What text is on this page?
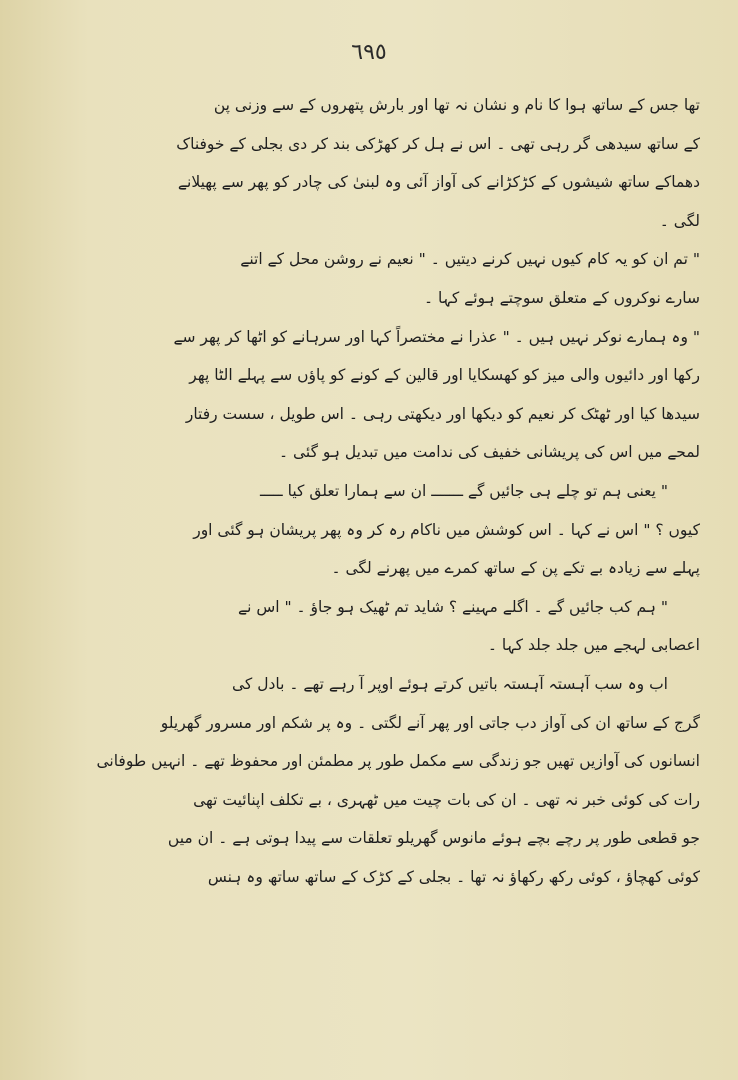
٦٩٥
تھا جس کے ساتھ ہوا کا نام و نشان نہ تھا اور بارش پتھروں کے سے وزنی پن
کے ساتھ سیدھی گر رہی تھی ۔ اس نے ہل کر کھڑکی بند کر دی بجلی کے خوفناک
دھماکے ساتھ شیشوں کے کڑکڑانے کی آواز آئی وہ لبنیٰ کی چادر کو پھر سے پھیلانے
لگی ۔
" تم ان کو یہ کام کیوں نہیں کرنے دیتیں ۔ " نعیم نے روشن محل کے اتنے
سارے نوکروں کے متعلق سوچتے ہوئے کہا ۔
" وہ ہمارے نوکر نہیں ہیں ۔ " عذرا نے مختصراً کہا اور سرہانے کو اٹھا کر پھر سے
رکھا اور دائیوں والی میز کو کھسکایا اور قالین کے کونے کو پاؤں سے پہلے الٹا پھر
سیدھا کیا اور ٹھٹک کر نعیم کو دیکھا اور دیکھتی رہی ۔ اس طویل ، سست رفتار
لمحے میں اس کی پریشانی خفیف کی ندامت میں تبدیل ہو گئی ۔
" یعنی ہم تو چلے ہی جائیں گے ـــــــ ان سے ہمارا تعلق کیا ـــــ
کیوں ؟ " اس نے کہا ۔ اس کوشش میں ناکام رہ کر وہ پھر پریشان ہو گئی اور
پہلے سے زیادہ بے تکے پن کے ساتھ کمرے میں پھرنے لگی ۔
" ہم کب جائیں گے ۔ اگلے مہینے ؟ شاید تم ٹھیک ہو جاؤ ۔ " اس نے
اعصابی لہجے میں جلد جلد کہا ۔
اب وہ سب آہستہ آہستہ باتیں کرتے ہوئے اوپر آ رہے تھے ۔ بادل کی
گرج کے ساتھ ان کی آواز دب جاتی اور پھر آنے لگتی ۔ وہ پر شکم اور مسرور گھریلو
انسانوں کی آوازیں تھیں جو زندگی سے مکمل طور پر مطمئن اور محفوظ تھے ۔ انہیں طوفانی
رات کی کوئی خبر نہ تھی ۔ ان کی بات چیت میں ٹھہری ، بے تکلف اپنائیت تھی
جو قطعی طور پر رچے بچے ہوئے مانوس گھریلو تعلقات سے پیدا ہوتی ہے ۔ ان میں
کوئی کھچاؤ ، کوئی رکھ رکھاؤ نہ تھا ۔ بجلی کے کڑک کے ساتھ ساتھ وہ ہنس
